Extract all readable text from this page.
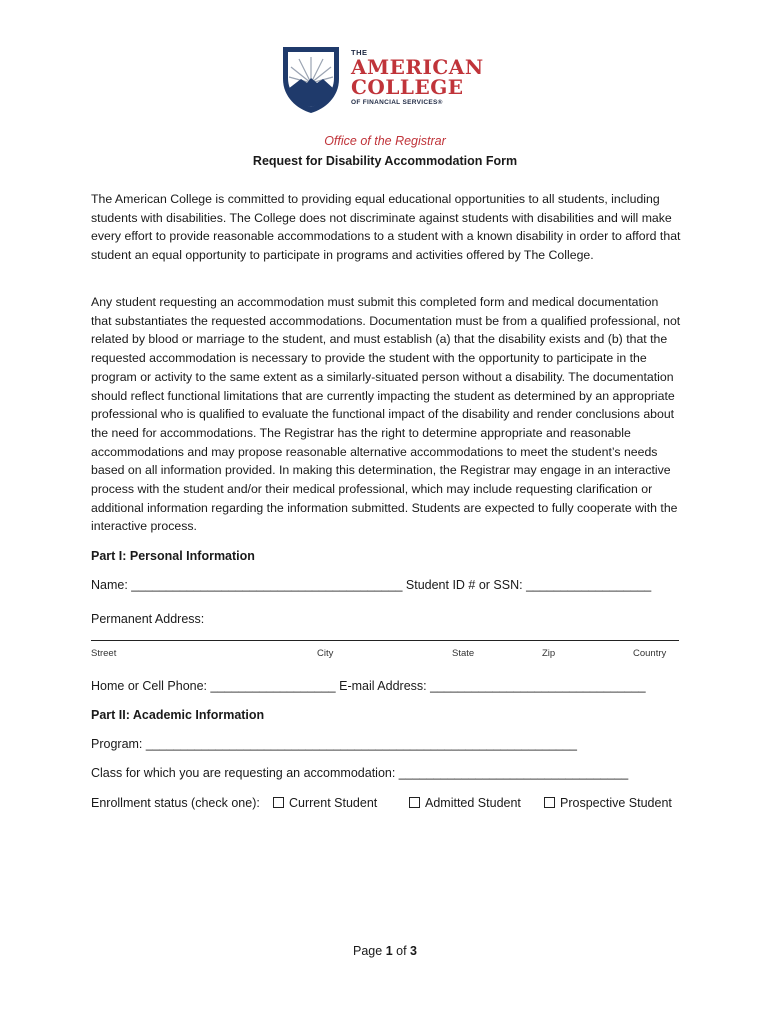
THE
AMERICAN
COLLEGE
OF FINANCIAL SERVICES®
Office of the Registrar
Request for Disability Accommodation Form

The American College is committed to providing equal educational opportunities to all students, including students with disabilities. The College does not discriminate against students with disabilities and will make every effort to provide reasonable accommodations to a student with a known disability in order to afford that student an equal opportunity to participate in programs and activities offered by The College.

Any student requesting an accommodation must submit this completed form and medical documentation that substantiates the requested accommodations. Documentation must be from a qualified professional, not related by blood or marriage to the student, and must establish (a) that the disability exists and (b) that the requested accommodation is necessary to provide the student with the opportunity to participate in the program or activity to the same extent as a similarly-situated person without a disability. The documentation should reflect functional limitations that are currently impacting the student as determined by an appropriate professional who is qualified to evaluate the functional impact of the disability and render conclusions about the need for accommodations. The Registrar has the right to determine appropriate and reasonable accommodations and may propose reasonable alternative accommodations to meet the student’s needs based on all information provided. In making this determination, the Registrar may engage in an interactive process with the student and/or their medical professional, which may include requesting clarification or additional information regarding the information submitted. Students are expected to fully cooperate with the interactive process.

Part I: Personal Information
Name: _______________________________________ Student ID # or SSN: __________________
Permanent Address:
Street	City	State	Zip	Country
Home or Cell Phone: __________________ E-mail Address: _______________________________
Part II: Academic Information
Program: ______________________________________________________________
Class for which you are requesting an accommodation: _________________________________
Enrollment status (check one):	Current Student	Admitted Student	Prospective Student
Page 1 of 3
